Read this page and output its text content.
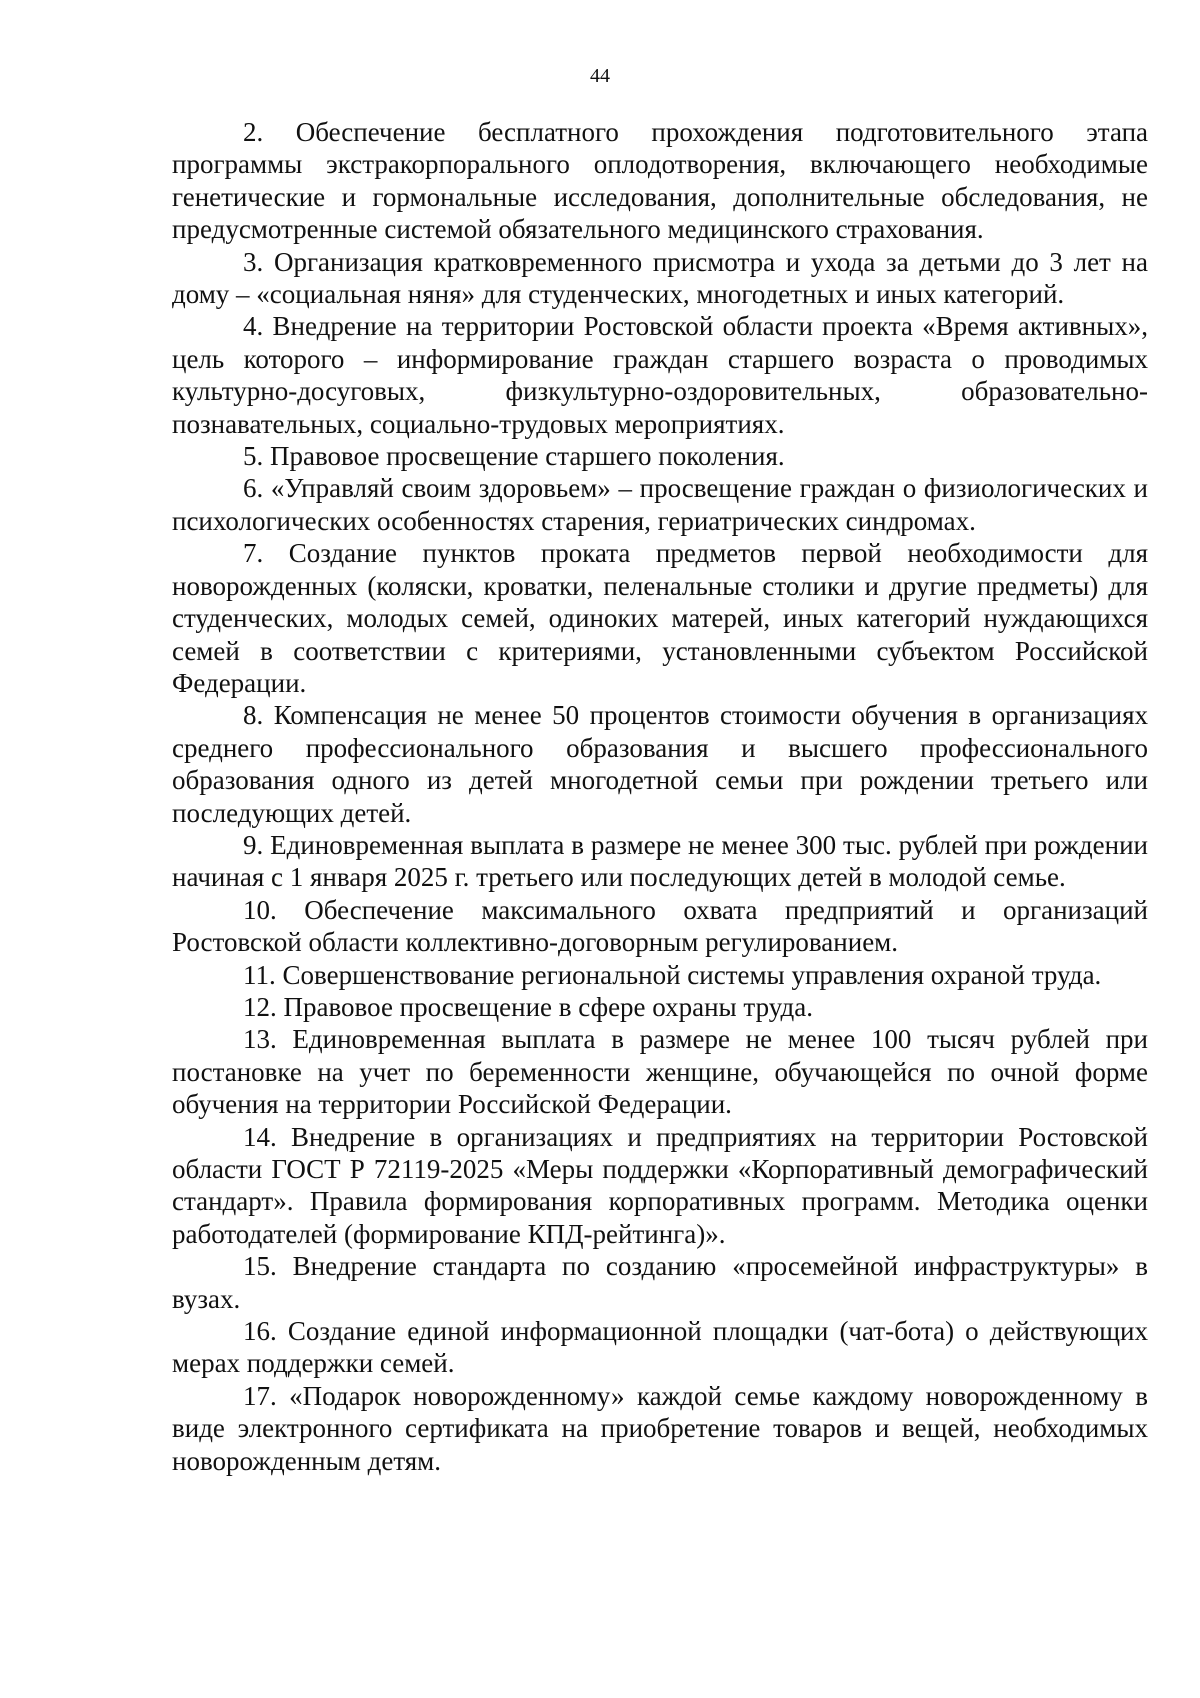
44

2. Обеспечение бесплатного прохождения подготовительного этапа программы экстракорпорального оплодотворения, включающего необходимые генетические и гормональные исследования, дополнительные обследования, не предусмотренные системой обязательного медицинского страхования.

3. Организация кратковременного присмотра и ухода за детьми до 3 лет на дому – «социальная няня» для студенческих, многодетных и иных категорий.

4. Внедрение на территории Ростовской области проекта «Время активных», цель которого – информирование граждан старшего возраста о проводимых культурно-досуговых, физкультурно-оздоровительных, образовательно-познавательных, социально-трудовых мероприятиях.

5. Правовое просвещение старшего поколения.

6. «Управляй своим здоровьем» – просвещение граждан о физиологических и психологических особенностях старения, гериатрических синдромах.

7. Создание пунктов проката предметов первой необходимости для новорожденных (коляски, кроватки, пеленальные столики и другие предметы) для студенческих, молодых семей, одиноких матерей, иных категорий нуждающихся семей в соответствии с критериями, установленными субъектом Российской Федерации.

8. Компенсация не менее 50 процентов стоимости обучения в организациях среднего профессионального образования и высшего профессионального образования одного из детей многодетной семьи при рождении третьего или последующих детей.

9. Единовременная выплата в размере не менее 300 тыс. рублей при рождении начиная с 1 января 2025 г. третьего или последующих детей в молодой семье.

10. Обеспечение максимального охвата предприятий и организаций Ростовской области коллективно-договорным регулированием.

11. Совершенствование региональной системы управления охраной труда.

12. Правовое просвещение в сфере охраны труда.

13. Единовременная выплата в размере не менее 100 тысяч рублей при постановке на учет по беременности женщине, обучающейся по очной форме обучения на территории Российской Федерации.

14. Внедрение в организациях и предприятиях на территории Ростовской области ГОСТ Р 72119-2025 «Меры поддержки «Корпоративный демографический стандарт». Правила формирования корпоративных программ. Методика оценки работодателей (формирование КПД-рейтинга)».

15. Внедрение стандарта по созданию «просемейной инфраструктуры» в вузах.

16. Создание единой информационной площадки (чат-бота) о действующих мерах поддержки семей.

17. «Подарок новорожденному» каждой семье каждому новорожденному в виде электронного сертификата на приобретение товаров и вещей, необходимых новорожденным детям.
